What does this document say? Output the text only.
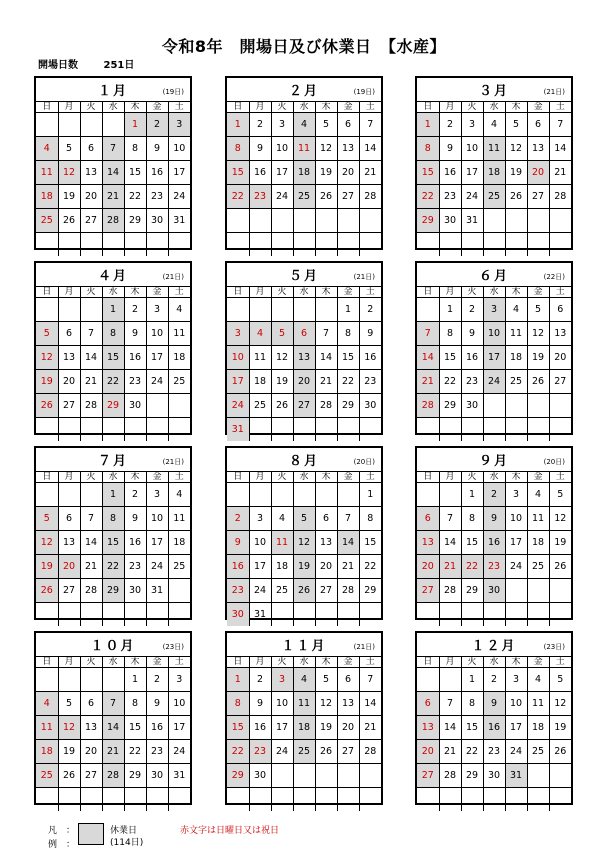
令和8年　開場日及び休業日　【水産】
開場日数	251日
１月	(19日)
日	月	火	水	木	金	土
				1	2	3
4	5	6	7	8	9	10
11	12	13	14	15	16	17
18	19	20	21	22	23	24
25	26	27	28	29	30	31

２月	(19日)
日	月	火	水	木	金	土
1	2	3	4	5	6	7
8	9	10	11	12	13	14
15	16	17	18	19	20	21
22	23	24	25	26	27	28

３月	(21日)
日	月	火	水	木	金	土
1	2	3	4	5	6	7
8	9	10	11	12	13	14
15	16	17	18	19	20	21
22	23	24	25	26	27	28
29	30	31				

４月	(21日)
日	月	火	水	木	金	土
			1	2	3	4
5	6	7	8	9	10	11
12	13	14	15	16	17	18
19	20	21	22	23	24	25
26	27	28	29	30		

５月	(21日)
日	月	火	水	木	金	土
					1	2
3	4	5	6	7	8	9
10	11	12	13	14	15	16
17	18	19	20	21	22	23
24	25	26	27	28	29	30
31						
６月	(22日)
日	月	火	水	木	金	土
	1	2	3	4	5	6
7	8	9	10	11	12	13
14	15	16	17	18	19	20
21	22	23	24	25	26	27
28	29	30				

７月	(21日)
日	月	火	水	木	金	土
			1	2	3	4
5	6	7	8	9	10	11
12	13	14	15	16	17	18
19	20	21	22	23	24	25
26	27	28	29	30	31	

８月	(20日)
日	月	火	水	木	金	土
						1
2	3	4	5	6	7	8
9	10	11	12	13	14	15
16	17	18	19	20	21	22
23	24	25	26	27	28	29
30	31					
９月	(20日)
日	月	火	水	木	金	土
		1	2	3	4	5
6	7	8	9	10	11	12
13	14	15	16	17	18	19
20	21	22	23	24	25	26
27	28	29	30			

１０月	(23日)
日	月	火	水	木	金	土
				1	2	3
4	5	6	7	8	9	10
11	12	13	14	15	16	17
18	19	20	21	22	23	24
25	26	27	28	29	30	31

１１月	(21日)
日	月	火	水	木	金	土
1	2	3	4	5	6	7
8	9	10	11	12	13	14
15	16	17	18	19	20	21
22	23	24	25	26	27	28
29	30					

１２月	(23日)
日	月	火	水	木	金	土
		1	2	3	4	5
6	7	8	9	10	11	12
13	14	15	16	17	18	19
20	21	22	23	24	25	26
27	28	29	30	31		

凡　：
例　：
休業日
(114日)
赤文字は日曜日又は祝日
